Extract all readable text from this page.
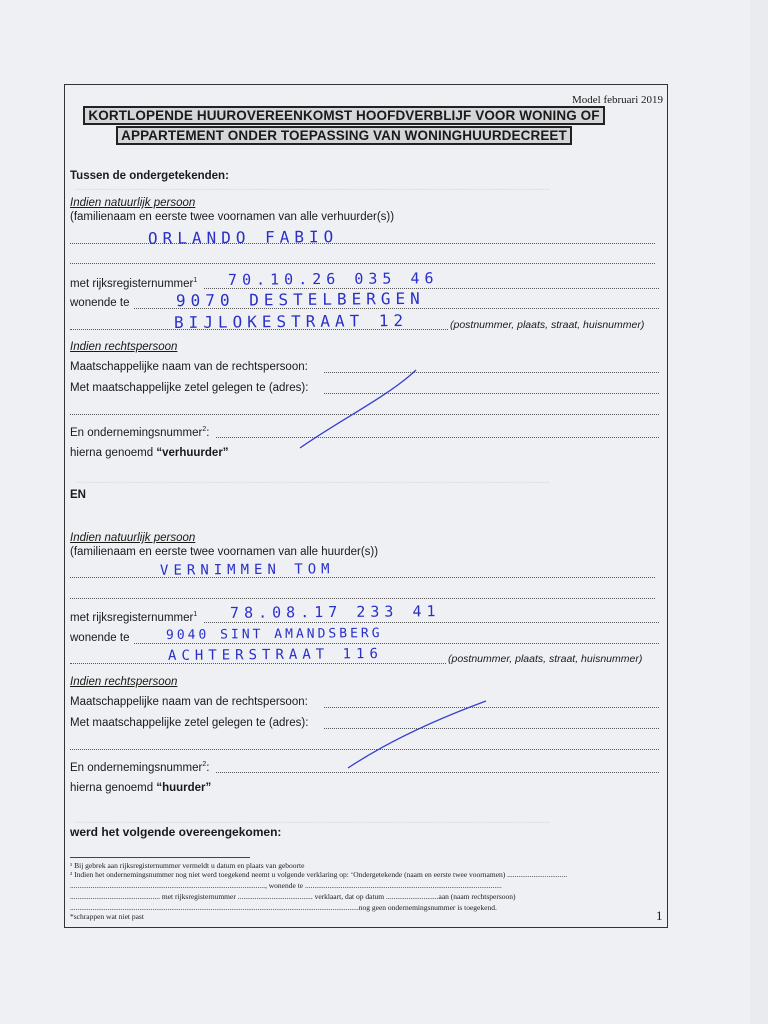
..............................................................................................................................................................................................
..............................................................................................................................................................................................
..............................................................................................................................................................................................
Model februari 2019
KORTLOPENDE HUUROVEREENKOMST HOOFDVERBLIJF VOOR WONING OF APPARTEMENT ONDER TOEPASSING VAN WONINGHUURDECREET
Tussen de ondergetekenden:
Indien natuurlijk persoon
(familienaam en eerste twee voornamen van alle verhuurder(s))
ORLANDO FABIO
met rijksregisternummer$^1$ 70.10.26 035 46
wonende te	9070 DESTELBERGEN
BIJLOKESTRAAT 12	(postnummer, plaats, straat, huisnummer)
Indien rechtspersoon
Maatschappelijke naam van de rechtspersoon:
Met maatschappelijke zetel gelegen te (adres):
En ondernemingsnummer$^2$:
hierna genoemd “verhuurder”
EN
Indien natuurlijk persoon
(familienaam en eerste twee voornamen van alle huurder(s))
VERNIMMEN TOM
met rijksregisternummer$^1$ 78.08.17 233 41
wonende te	9040 SINT AMANDSBERG
ACHTERSTRAAT 116	(postnummer, plaats, straat, huisnummer)
Indien rechtspersoon
Maatschappelijke naam van de rechtspersoon:
Met maatschappelijke zetel gelegen te (adres):
En ondernemingsnummer$^2$:
hierna genoemd “huurder”
werd het volgende overeengekomen:
¹ Bij gebrek aan rijksregisternummer vermeldt u datum en plaats van geboorte
² Indien het ondernemingsnummer nog niet werd toegekend neemt u volgende verklaring op: ‘Ondergetekende (naam en eerste twee voornamen) ................................
........................................................................................................, wonende te .........................................................................................................
................................................ met rijksregisternummer ........................................ verklaart, dat op datum ............................aan (naam rechtspersoon)
..........................................................................................................................................................nog geen ondernemingsnummer is toegekend.
*schrappen wat niet past	1
